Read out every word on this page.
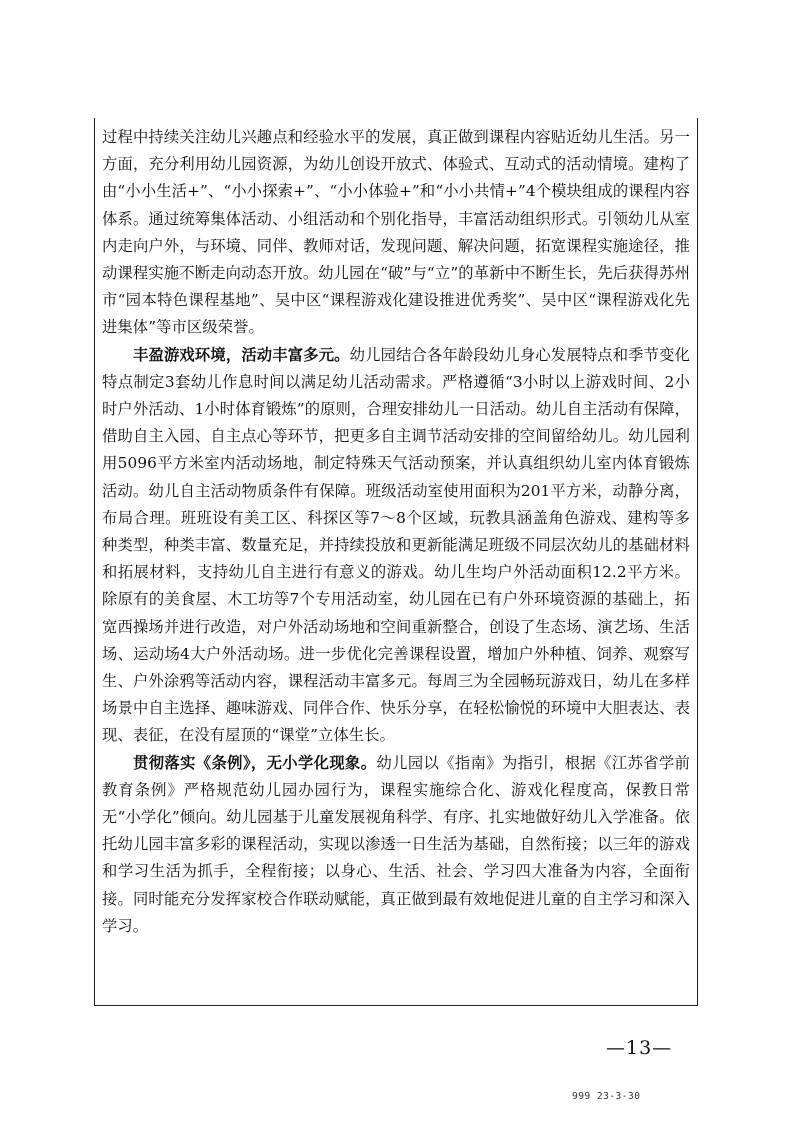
过程中持续关注幼儿兴趣点和经验水平的发展，真正做到课程内容贴近幼儿生活。另一方面，充分利用幼儿园资源，为幼儿创设开放式、体验式、互动式的活动情境。建构了由“小小生活+”、“小小探索+”、“小小体验+”和“小小共情+”4个模块组成的课程内容体系。通过统筹集体活动、小组活动和个别化指导，丰富活动组织形式。引领幼儿从室内走向户外，与环境、同伴、教师对话，发现问题、解决问题，拓宽课程实施途径，推动课程实施不断走向动态开放。幼儿园在“破”与“立”的革新中不断生长，先后获得苏州市“园本特色课程基地”、吴中区“课程游戏化建设推进优秀奖”、吴中区“课程游戏化先进集体”等市区级荣誉。

丰盈游戏环境，活动丰富多元。幼儿园结合各年龄段幼儿身心发展特点和季节变化特点制定3套幼儿作息时间以满足幼儿活动需求。严格遵循“3小时以上游戏时间、2小时户外活动、1小时体育锻炼”的原则，合理安排幼儿一日活动。幼儿自主活动有保障，借助自主入园、自主点心等环节，把更多自主调节活动安排的空间留给幼儿。幼儿园利用5096平方米室内活动场地，制定特殊天气活动预案，并认真组织幼儿室内体育锻炼活动。幼儿自主活动物质条件有保障。班级活动室使用面积为201平方米，动静分离，布局合理。班班设有美工区、科探区等7～8个区域，玩教具涵盖角色游戏、建构等多种类型，种类丰富、数量充足，并持续投放和更新能满足班级不同层次幼儿的基础材料和拓展材料，支持幼儿自主进行有意义的游戏。幼儿生均户外活动面积12.2平方米。除原有的美食屋、木工坊等7个专用活动室，幼儿园在已有户外环境资源的基础上，拓宽西操场并进行改造，对户外活动场地和空间重新整合，创设了生态场、演艺场、生活场、运动场4大户外活动场。进一步优化完善课程设置，增加户外种植、饲养、观察写生、户外涂鸦等活动内容，课程活动丰富多元。每周三为全园畅玩游戏日，幼儿在多样场景中自主选择、趣味游戏、同伴合作、快乐分享，在轻松愉悦的环境中大胆表达、表现、表征，在没有屋顶的“课堂”立体生长。

贯彻落实《条例》，无小学化现象。幼儿园以《指南》为指引，根据《江苏省学前教育条例》严格规范幼儿园办园行为，课程实施综合化、游戏化程度高，保教日常无“小学化”倾向。幼儿园基于儿童发展视角科学、有序、扎实地做好幼儿入学准备。依托幼儿园丰富多彩的课程活动，实现以渗透一日生活为基础，自然衔接；以三年的游戏和学习生活为抓手，全程衔接；以身心、生活、社会、学习四大准备为内容，全面衔接。同时能充分发挥家校合作联动赋能，真正做到最有效地促进儿童的自主学习和深入学习。

—13—
999 23-3-30
